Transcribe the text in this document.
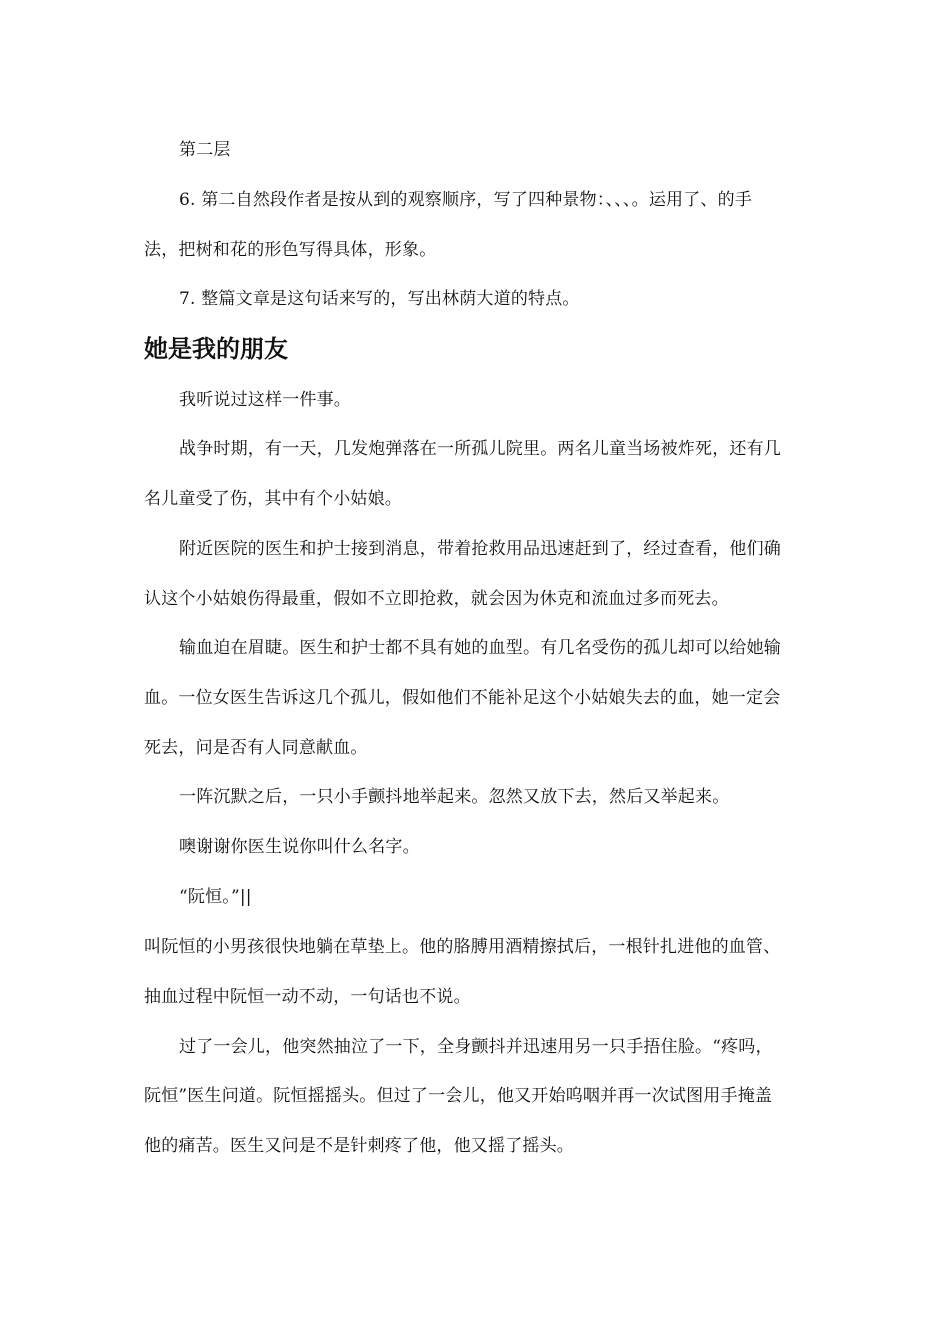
第二层
6. 第二自然段作者是按从到的观察顺序，写了四种景物：、、、。运用了、的手
法，把树和花的形色写得具体，形象。
7. 整篇文章是这句话来写的，写出林荫大道的特点。
她是我的朋友
我听说过这样一件事。
战争时期，有一天，几发炮弹落在一所孤儿院里。两名儿童当场被炸死，还有几
名儿童受了伤，其中有个小姑娘。
附近医院的医生和护士接到消息，带着抢救用品迅速赶到了，经过查看，他们确
认这个小姑娘伤得最重，假如不立即抢救，就会因为休克和流血过多而死去。
输血迫在眉睫。医生和护士都不具有她的血型。有几名受伤的孤儿却可以给她输
血。一位女医生告诉这几个孤儿，假如他们不能补足这个小姑娘失去的血，她一定会
死去，问是否有人同意献血。
一阵沉默之后，一只小手颤抖地举起来。忽然又放下去，然后又举起来。
噢谢谢你医生说你叫什么名字。
“阮恒。”||
叫阮恒的小男孩很快地躺在草垫上。他的胳膊用酒精擦拭后，一根针扎进他的血管、
抽血过程中阮恒一动不动，一句话也不说。
过了一会儿，他突然抽泣了一下，全身颤抖并迅速用另一只手捂住脸。“疼吗，
阮恒”医生问道。阮恒摇摇头。但过了一会儿，他又开始呜咽并再一次试图用手掩盖
他的痛苦。医生又问是不是针刺疼了他，他又摇了摇头。
